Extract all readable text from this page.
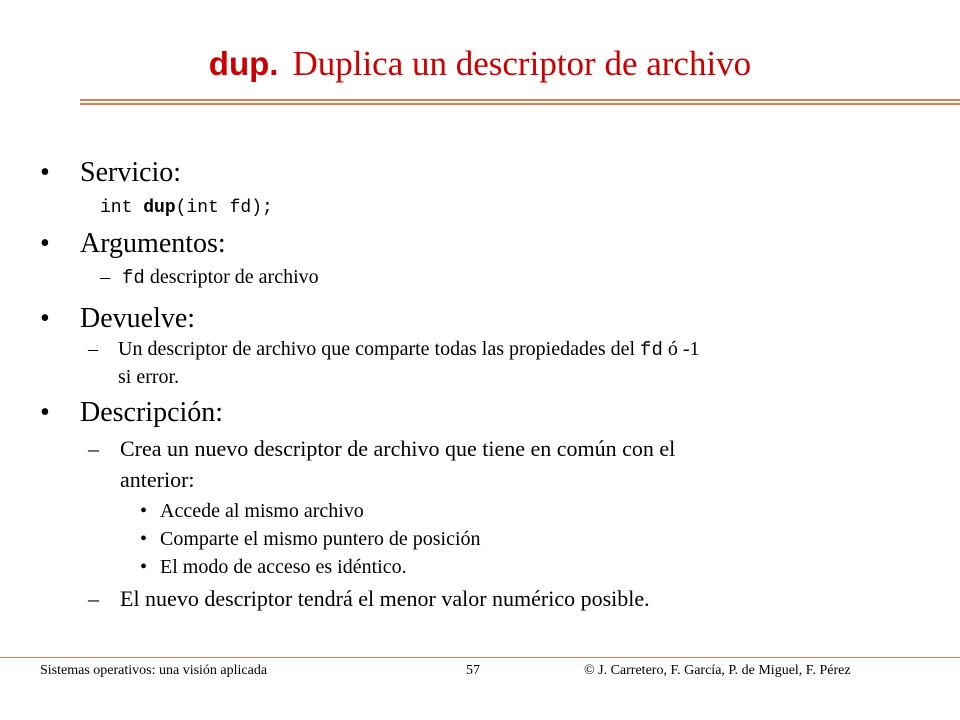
dup. Duplica un descriptor de archivo
• Servicio:
int dup(int fd);
• Argumentos:
– fd descriptor de archivo
• Devuelve:
– Un descriptor de archivo que comparte todas las propiedades del fd ó -1
si error.
• Descripción:
– Crea un nuevo descriptor de archivo que tiene en común con el
anterior:
• Accede al mismo archivo
• Comparte el mismo puntero de posición
• El modo de acceso es idéntico.
– El nuevo descriptor tendrá el menor valor numérico posible.
Sistemas operativos: una visión aplicada	57	© J. Carretero, F. García, P. de Miguel, F. Pérez
